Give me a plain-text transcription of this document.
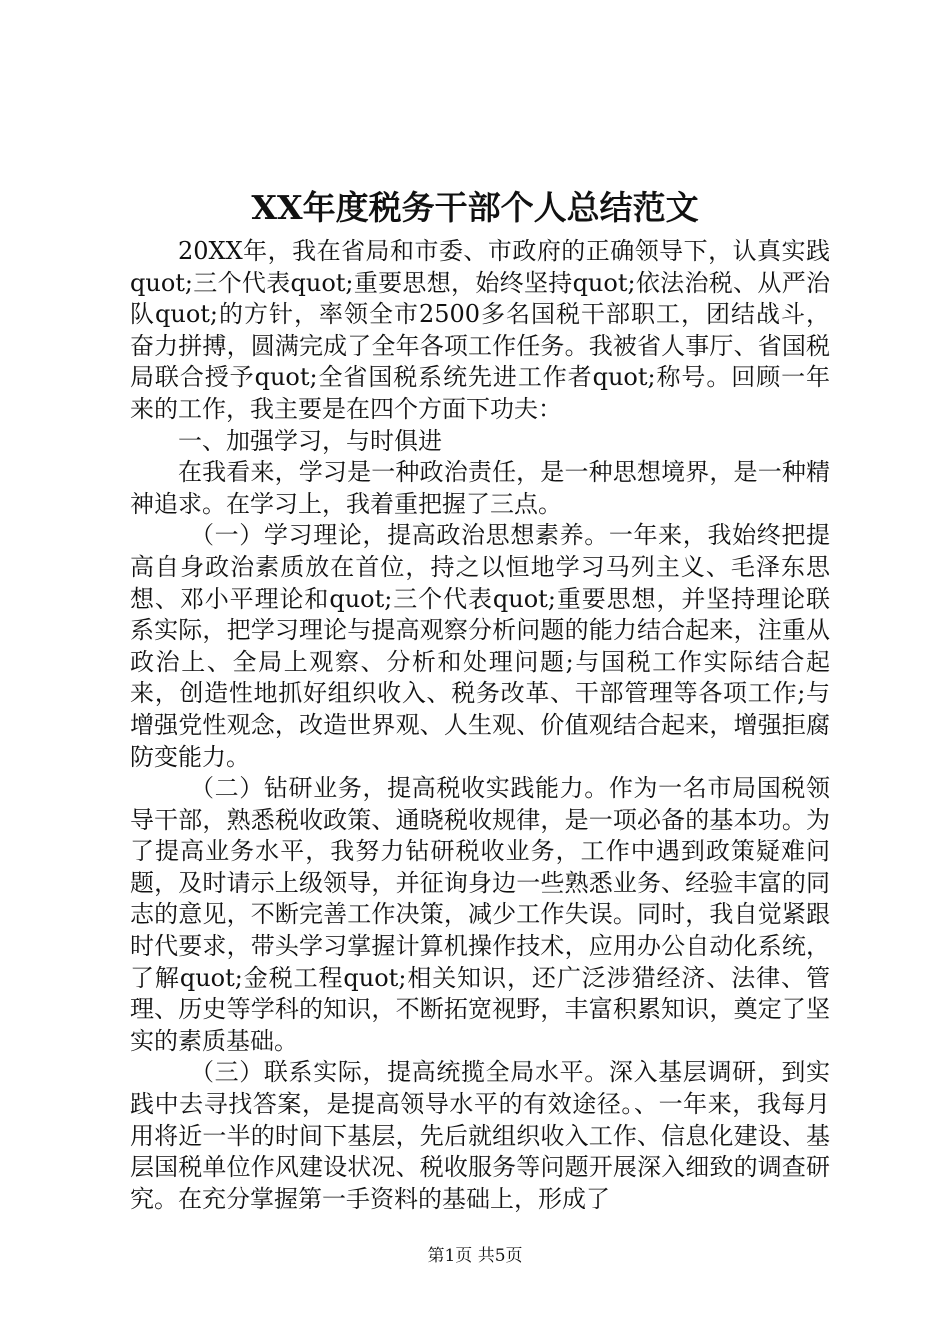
XX年度税务干部个人总结范文

20XX年，我在省局和市委、市政府的正确领导下，认真实践quot;三个代表quot;重要思想，始终坚持quot;依法治税、从严治队quot;的方针，率领全市2500多名国税干部职工，团结战斗，奋力拼搏，圆满完成了全年各项工作任务。我被省人事厅、省国税局联合授予quot;全省国税系统先进工作者quot;称号。回顾一年来的工作，我主要是在四个方面下功夫：

一、加强学习，与时俱进

在我看来，学习是一种政治责任，是一种思想境界，是一种精神追求。在学习上，我着重把握了三点。

（一）学习理论，提高政治思想素养。一年来，我始终把提高自身政治素质放在首位，持之以恒地学习马列主义、毛泽东思想、邓小平理论和quot;三个代表quot;重要思想，并坚持理论联系实际，把学习理论与提高观察分析问题的能力结合起来，注重从政治上、全局上观察、分析和处理问题;与国税工作实际结合起来，创造性地抓好组织收入、税务改革、干部管理等各项工作;与增强党性观念，改造世界观、人生观、价值观结合起来，增强拒腐防变能力。

（二）钻研业务，提高税收实践能力。作为一名市局国税领导干部，熟悉税收政策、通晓税收规律，是一项必备的基本功。为了提高业务水平，我努力钻研税收业务，工作中遇到政策疑难问题，及时请示上级领导，并征询身边一些熟悉业务、经验丰富的同志的意见，不断完善工作决策，减少工作失误。同时，我自觉紧跟时代要求，带头学习掌握计算机操作技术，应用办公自动化系统，了解quot;金税工程quot;相关知识，还广泛涉猎经济、法律、管理、历史等学科的知识，不断拓宽视野，丰富积累知识，奠定了坚实的素质基础。

（三）联系实际，提高统揽全局水平。深入基层调研，到实践中去寻找答案，是提高领导水平的有效途径。、一年来，我每月用将近一半的时间下基层，先后就组织收入工作、信息化建设、基层国税单位作风建设状况、税收服务等问题开展深入细致的调查研究。在充分掌握第一手资料的基础上，形成了

第1页 共5页
